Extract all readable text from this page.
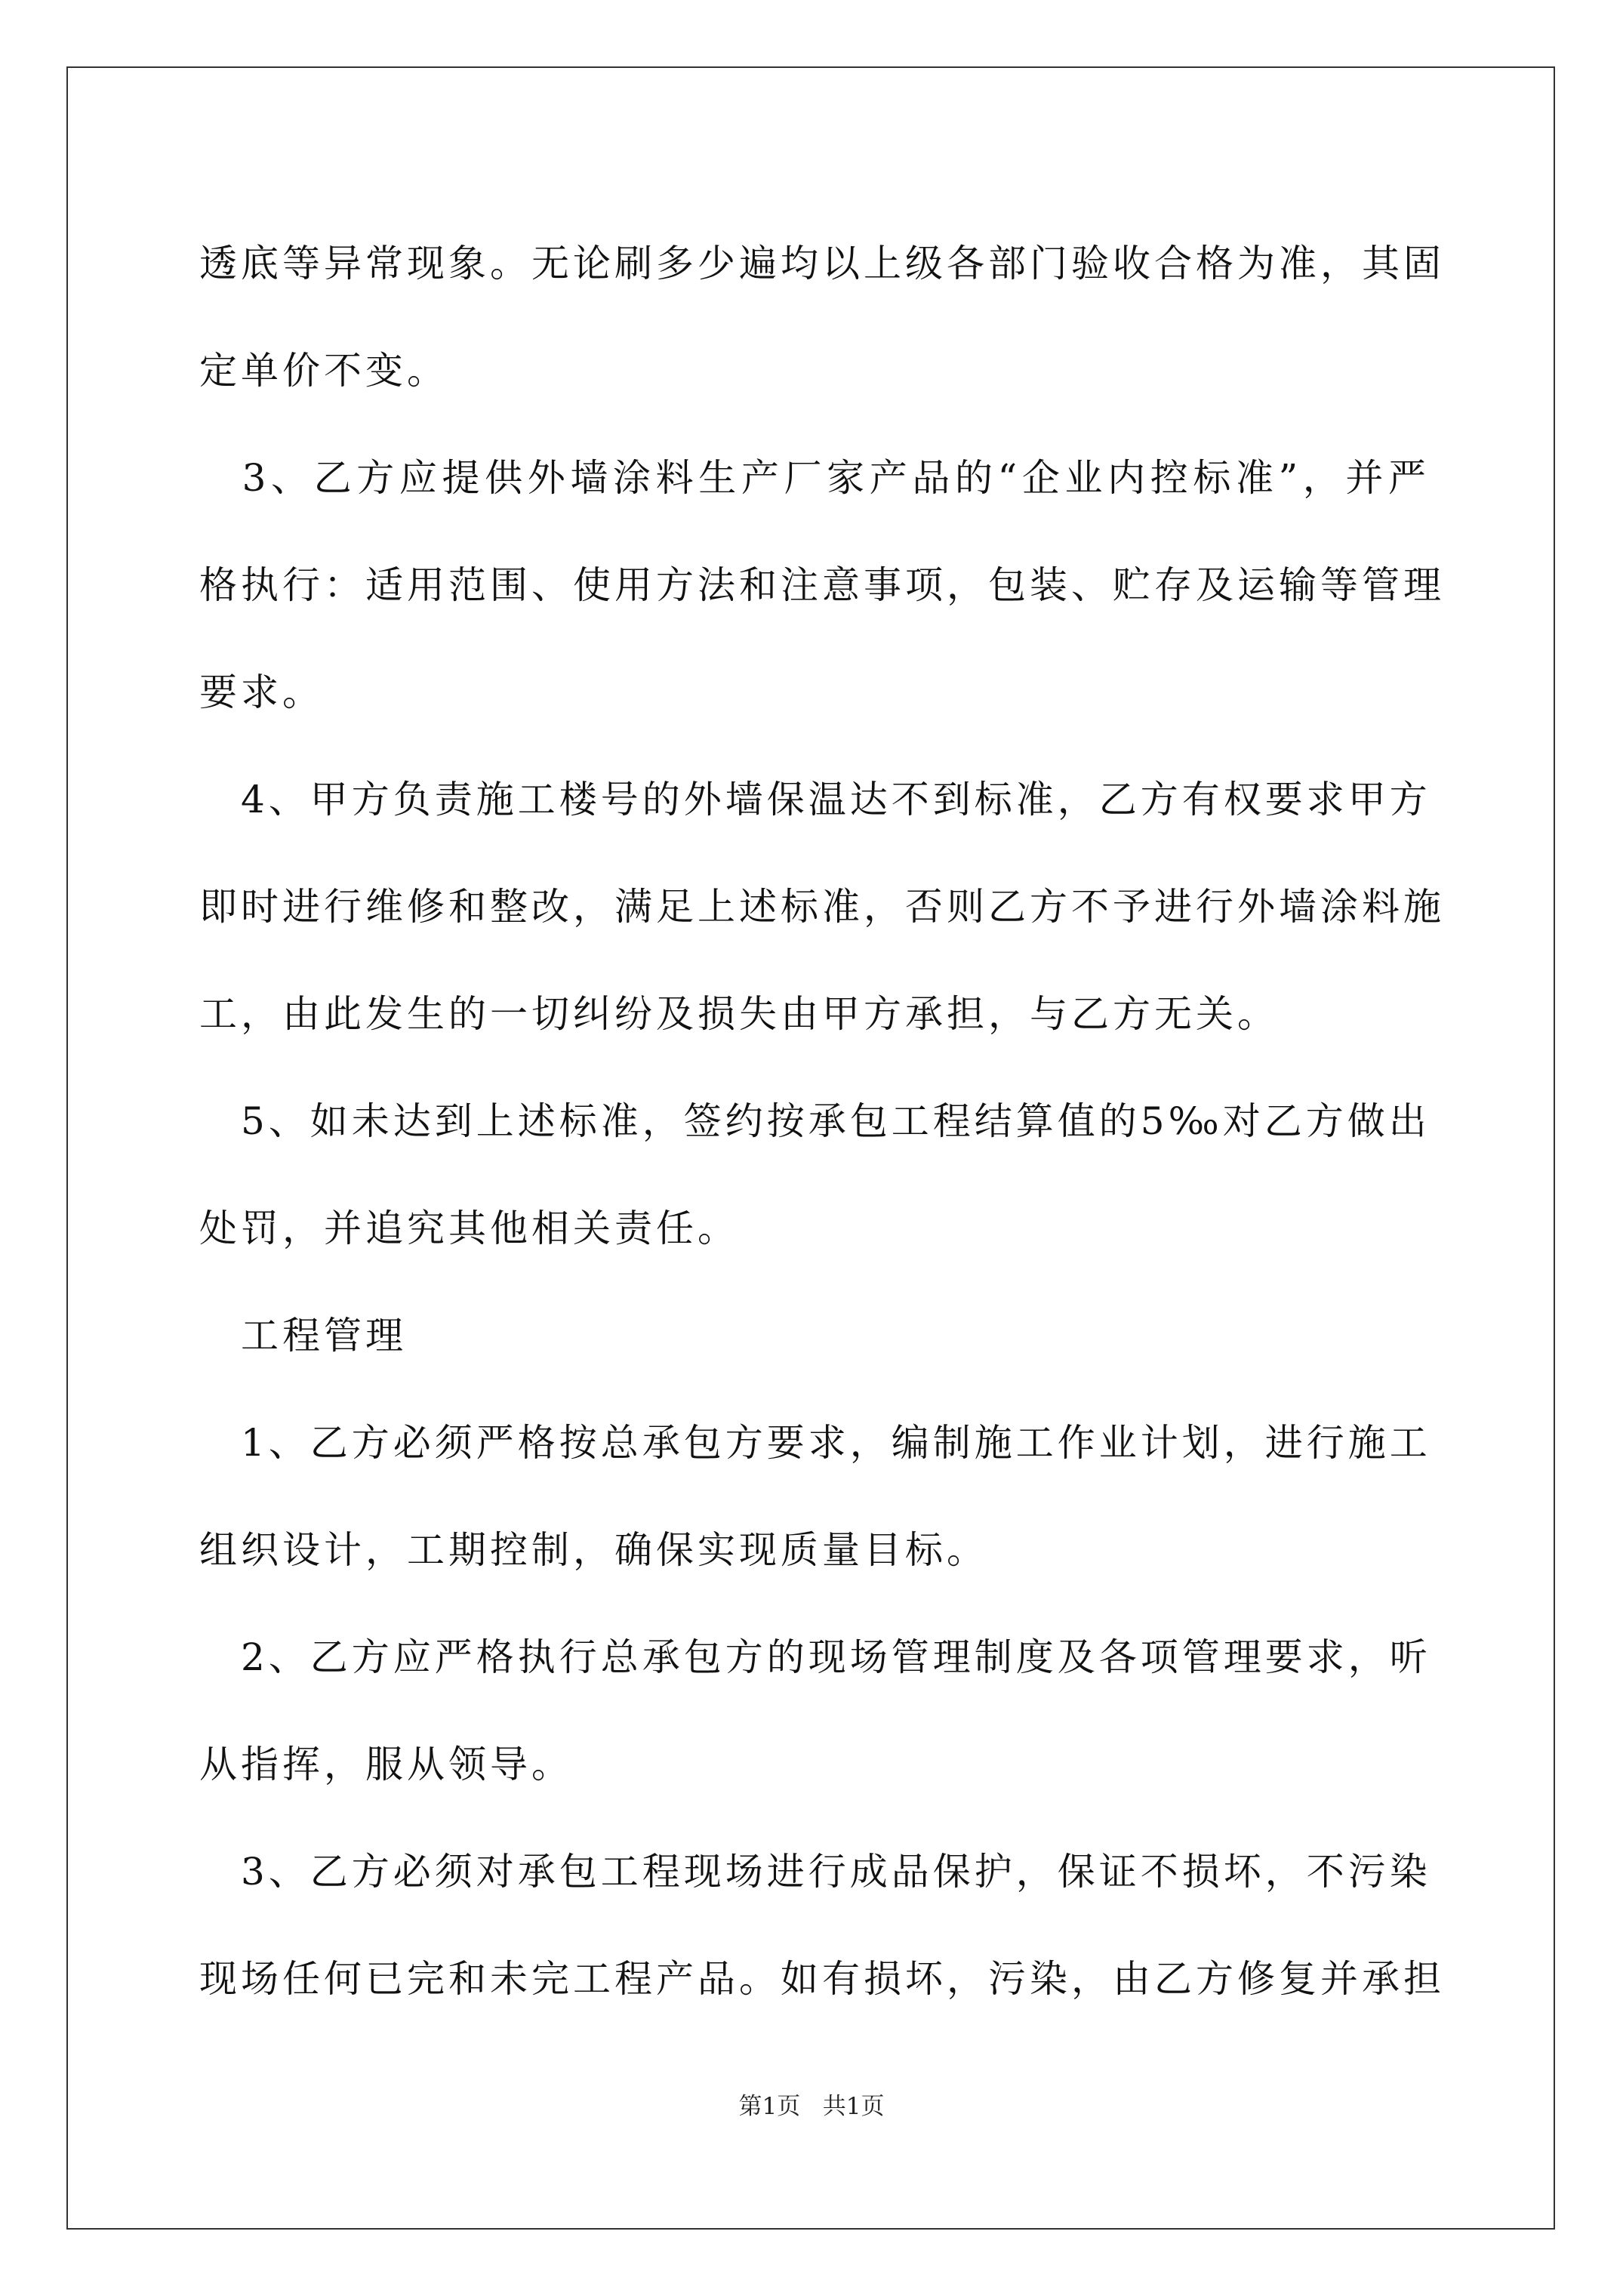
透底等异常现象。无论刷多少遍均以上级各部门验收合格为准，其固
定单价不变。
　3、乙方应提供外墙涂料生产厂家产品的“企业内控标准”，并严
格执行：适用范围、使用方法和注意事项，包装、贮存及运输等管理
要求。
　4、甲方负责施工楼号的外墙保温达不到标准，乙方有权要求甲方
即时进行维修和整改，满足上述标准，否则乙方不予进行外墙涂料施
工，由此发生的一切纠纷及损失由甲方承担，与乙方无关。
　5、如未达到上述标准，签约按承包工程结算值的5‰对乙方做出
处罚，并追究其他相关责任。
　工程管理
　1、乙方必须严格按总承包方要求，编制施工作业计划，进行施工
组织设计，工期控制，确保实现质量目标。
　2、乙方应严格执行总承包方的现场管理制度及各项管理要求，听
从指挥，服从领导。
　3、乙方必须对承包工程现场进行成品保护，保证不损坏，不污染
现场任何已完和未完工程产品。如有损坏，污染，由乙方修复并承担
第1页 共1页
